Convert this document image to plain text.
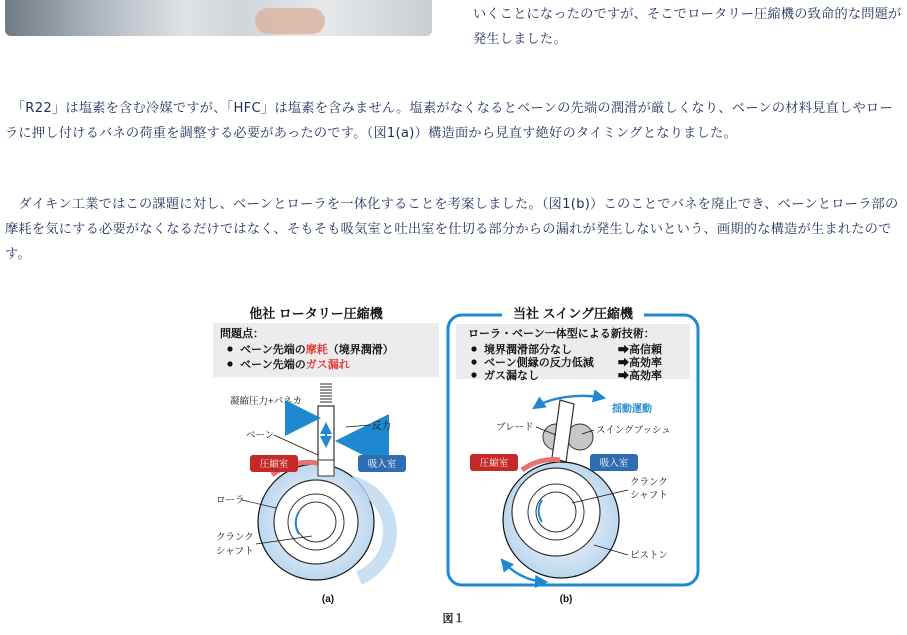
いくことになったのですが、そこでロータリー圧縮機の致命的な問題が発生しました。

　「R22」は塩素を含む冷媒ですが、「HFC」は塩素を含みません。塩素がなくなるとベーンの先端の潤滑が厳しくなり、ベーンの材料見直しやローラに押し付けるバネの荷重を調整する必要があったのです。（図1(a)）構造面から見直す絶好のタイミングとなりました。

　ダイキン工業ではこの課題に対し、ベーンとローラを一体化することを考案しました。（図1(b)）このことでバネを廃止でき、ベーンとローラ部の摩耗を気にする必要がなくなるだけではなく、そもそも吸気室と吐出室を仕切る部分からの漏れが発生しないという、画期的な構造が生まれたのです。

他社 ロータリー圧縮機
問題点：
ベーン先端の摩耗（境界潤滑）
ベーン先端のガス漏れ
凝縮圧力+バネカ
反力
ベーン
圧縮室	吸入室
ローラ
クランク
シャフト
(a)
当社 スイング圧縮機
ローラ・ベーン一体型による新技術：
境界潤滑部分なし	➡高信頼
ベーン側縁の反力低減 ➡高効率
ガス漏なし	➡高効率
揺動運動
ブレード	スイングブッシュ
圧縮室	吸入室
クランク
シャフト
ピストン
(b)
図１
